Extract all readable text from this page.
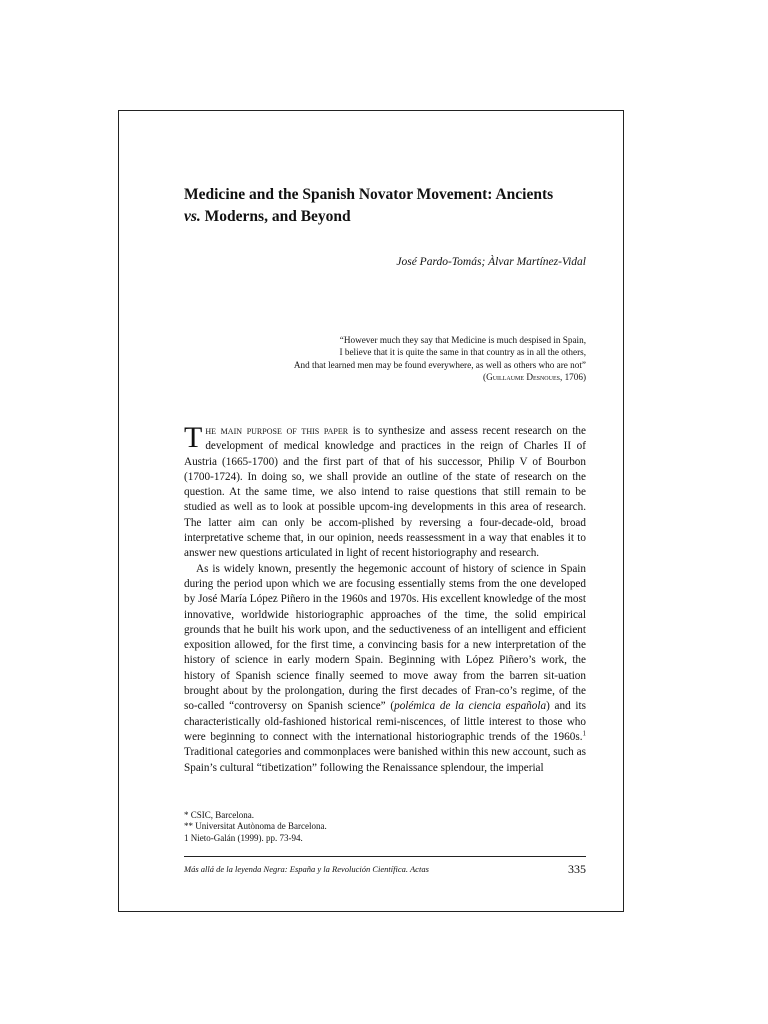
Medicine and the Spanish Novator Movement: Ancients
vs. Moderns, and Beyond
José Pardo-Tomás; Àlvar Martínez-Vidal
“However much they say that Medicine is much despised in Spain,
I believe that it is quite the same in that country as in all the others,
And that learned men may be found everywhere, as well as others who are not”
(Guillaume Desnoues, 1706)

The main purpose of this paper is to synthesize and assess recent research on the development of medical knowledge and practices in the reign of Charles II of Austria (1665-1700) and the first part of that of his successor, Philip V of Bourbon (1700-1724). In doing so, we shall provide an outline of the state of research on the question. At the same time, we also intend to raise questions that still remain to be studied as well as to look at possible upcom-ing developments in this area of research. The latter aim can only be accom-plished by reversing a four-decade-old, broad interpretative scheme that, in our opinion, needs reassessment in a way that enables it to answer new questions articulated in light of recent historiography and research.

As is widely known, presently the hegemonic account of history of science in Spain during the period upon which we are focusing essentially stems from the one developed by José María López Piñero in the 1960s and 1970s. His excellent knowledge of the most innovative, worldwide historiographic approaches of the time, the solid empirical grounds that he built his work upon, and the seductiveness of an intelligent and efficient exposition allowed, for the first time, a convincing basis for a new interpretation of the history of science in early modern Spain. Beginning with López Piñero’s work, the history of Spanish science finally seemed to move away from the barren sit-uation brought about by the prolongation, during the first decades of Fran-co’s regime, of the so-called “controversy on Spanish science” (polémica de la ciencia española) and its characteristically old-fashioned historical remi-niscences, of little interest to those who were beginning to connect with the international historiographic trends of the 1960s.$^1$ Traditional categories and commonplaces were banished within this new account, such as Spain’s cultural “tibetization” following the Renaissance splendour, the imperial

* CSIC, Barcelona.
** Universitat Autònoma de Barcelona.
1 Nieto-Galán (1999). pp. 73-94.
Más allá de la leyenda Negra: España y la Revolución Científica. Actas	335
